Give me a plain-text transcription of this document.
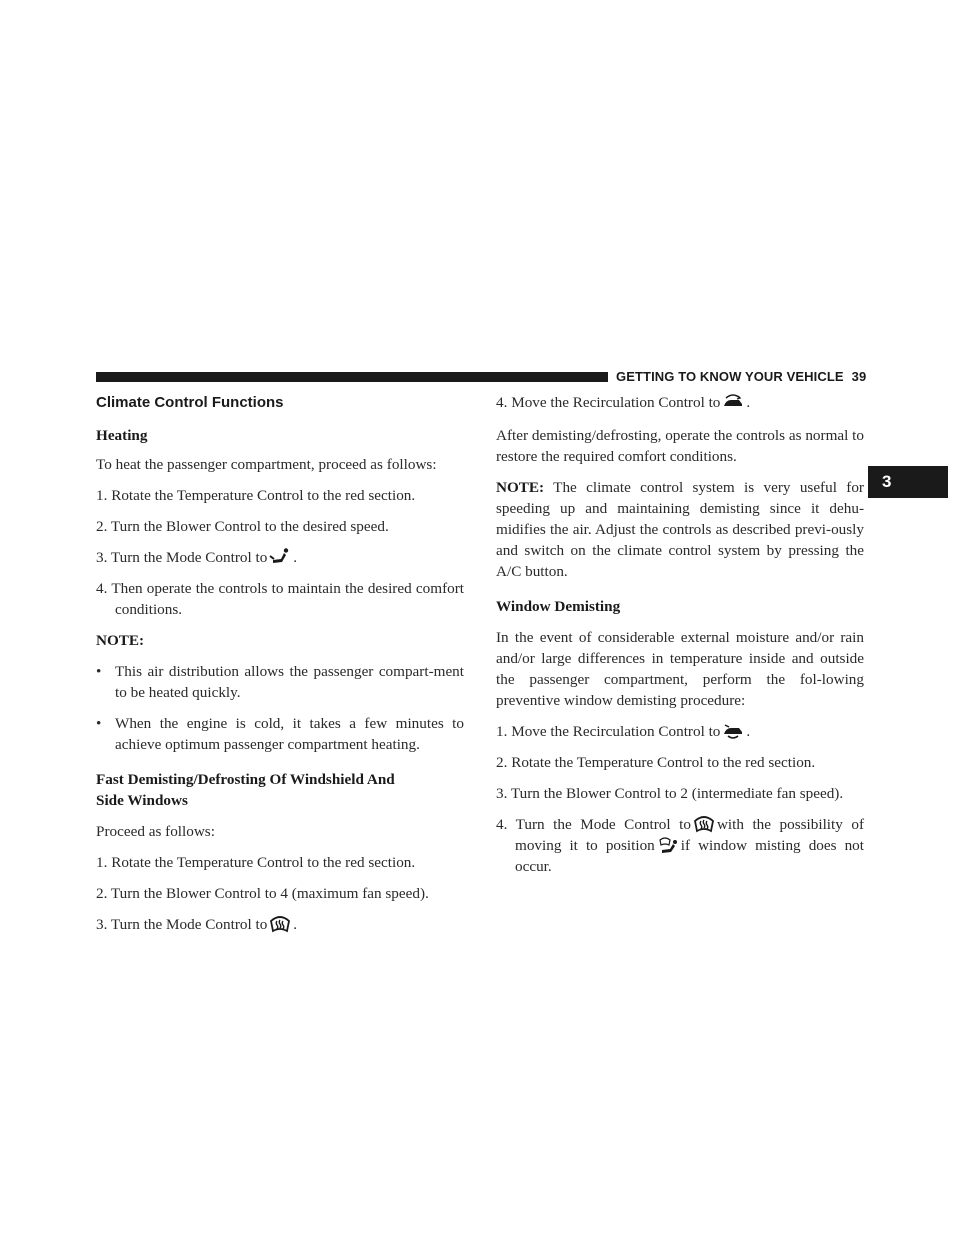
GETTING TO KNOW YOUR VEHICLE 39
3
Climate Control Functions
Heating

To heat the passenger compartment, proceed as follows:

1. Rotate the Temperature Control to the red section.

2. Turn the Blower Control to the desired speed.

3. Turn the Mode Control to .

4. Then operate the controls to maintain the desired comfort conditions.

NOTE:

• This air distribution allows the passenger compart-ment to be heated quickly.
• When the engine is cold, it takes a few minutes to achieve optimum passenger compartment heating.
Fast Demisting/Defrosting Of Windshield And
Side Windows

Proceed as follows:

1. Rotate the Temperature Control to the red section.

2. Turn the Blower Control to 4 (maximum fan speed).

3. Turn the Mode Control to .

4. Move the Recirculation Control to .

After demisting/defrosting, operate the controls as normal to restore the required comfort conditions.

NOTE: The climate control system is very useful for speeding up and maintaining demisting since it dehu-midifies the air. Adjust the controls as described previ-ously and switch on the climate control system by pressing the A/C button.

Window Demisting

In the event of considerable external moisture and/or rain and/or large differences in temperature inside and outside the passenger compartment, perform the fol-lowing preventive window demisting procedure:

1. Move the Recirculation Control to .

2. Rotate the Temperature Control to the red section.

3. Turn the Blower Control to 2 (intermediate fan speed).

4. Turn the Mode Control to with the possibility of moving it to position if window misting does not occur.
